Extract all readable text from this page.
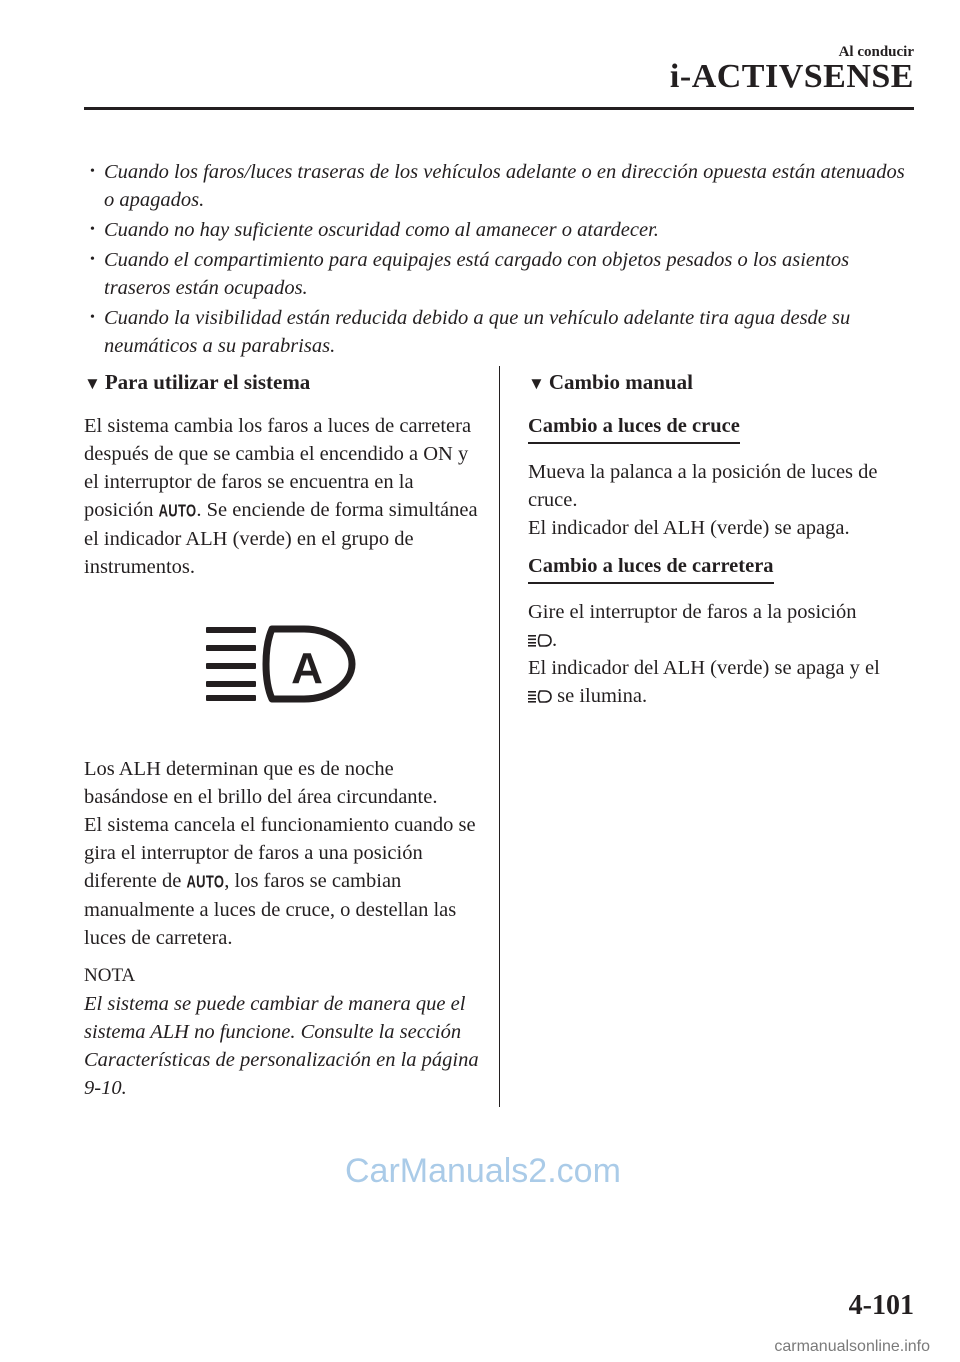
Al conducir
i-ACTIVSENSE
• Cuando los faros/luces traseras de los vehículos adelante o en dirección opuesta están atenuados o apagados.
• Cuando no hay suficiente oscuridad como al amanecer o atardecer.
• Cuando el compartimiento para equipajes está cargado con objetos pesados o los asientos traseros están ocupados.
• Cuando la visibilidad están reducida debido a que un vehículo adelante tira agua desde su neumáticos a su parabrisas.
▼ Para utilizar el sistema

El sistema cambia los faros a luces de carretera después de que se cambia el encendido a ON y el interruptor de faros se encuentra en la posición AUTO. Se enciende de forma simultánea el indicador ALH (verde) en el grupo de instrumentos.

A

Los ALH determinan que es de noche basándose en el brillo del área circundante.

El sistema cancela el funcionamiento cuando se gira el interruptor de faros a una posición diferente de AUTO, los faros se cambian manualmente a luces de cruce, o destellan las luces de carretera.

NOTA

El sistema se puede cambiar de manera que el sistema ALH no funcione. Consulte la sección Características de personalización en la página 9-10.

▼ Cambio manual
Cambio a luces de cruce

Mueva la palanca a la posición de luces de cruce.

El indicador del ALH (verde) se apaga.

Cambio a luces de carretera

Gire el interruptor de faros a la posición
.

El indicador del ALH (verde) se apaga y el
se ilumina.

CarManuals2.com
4-101
carmanualsonline.info
